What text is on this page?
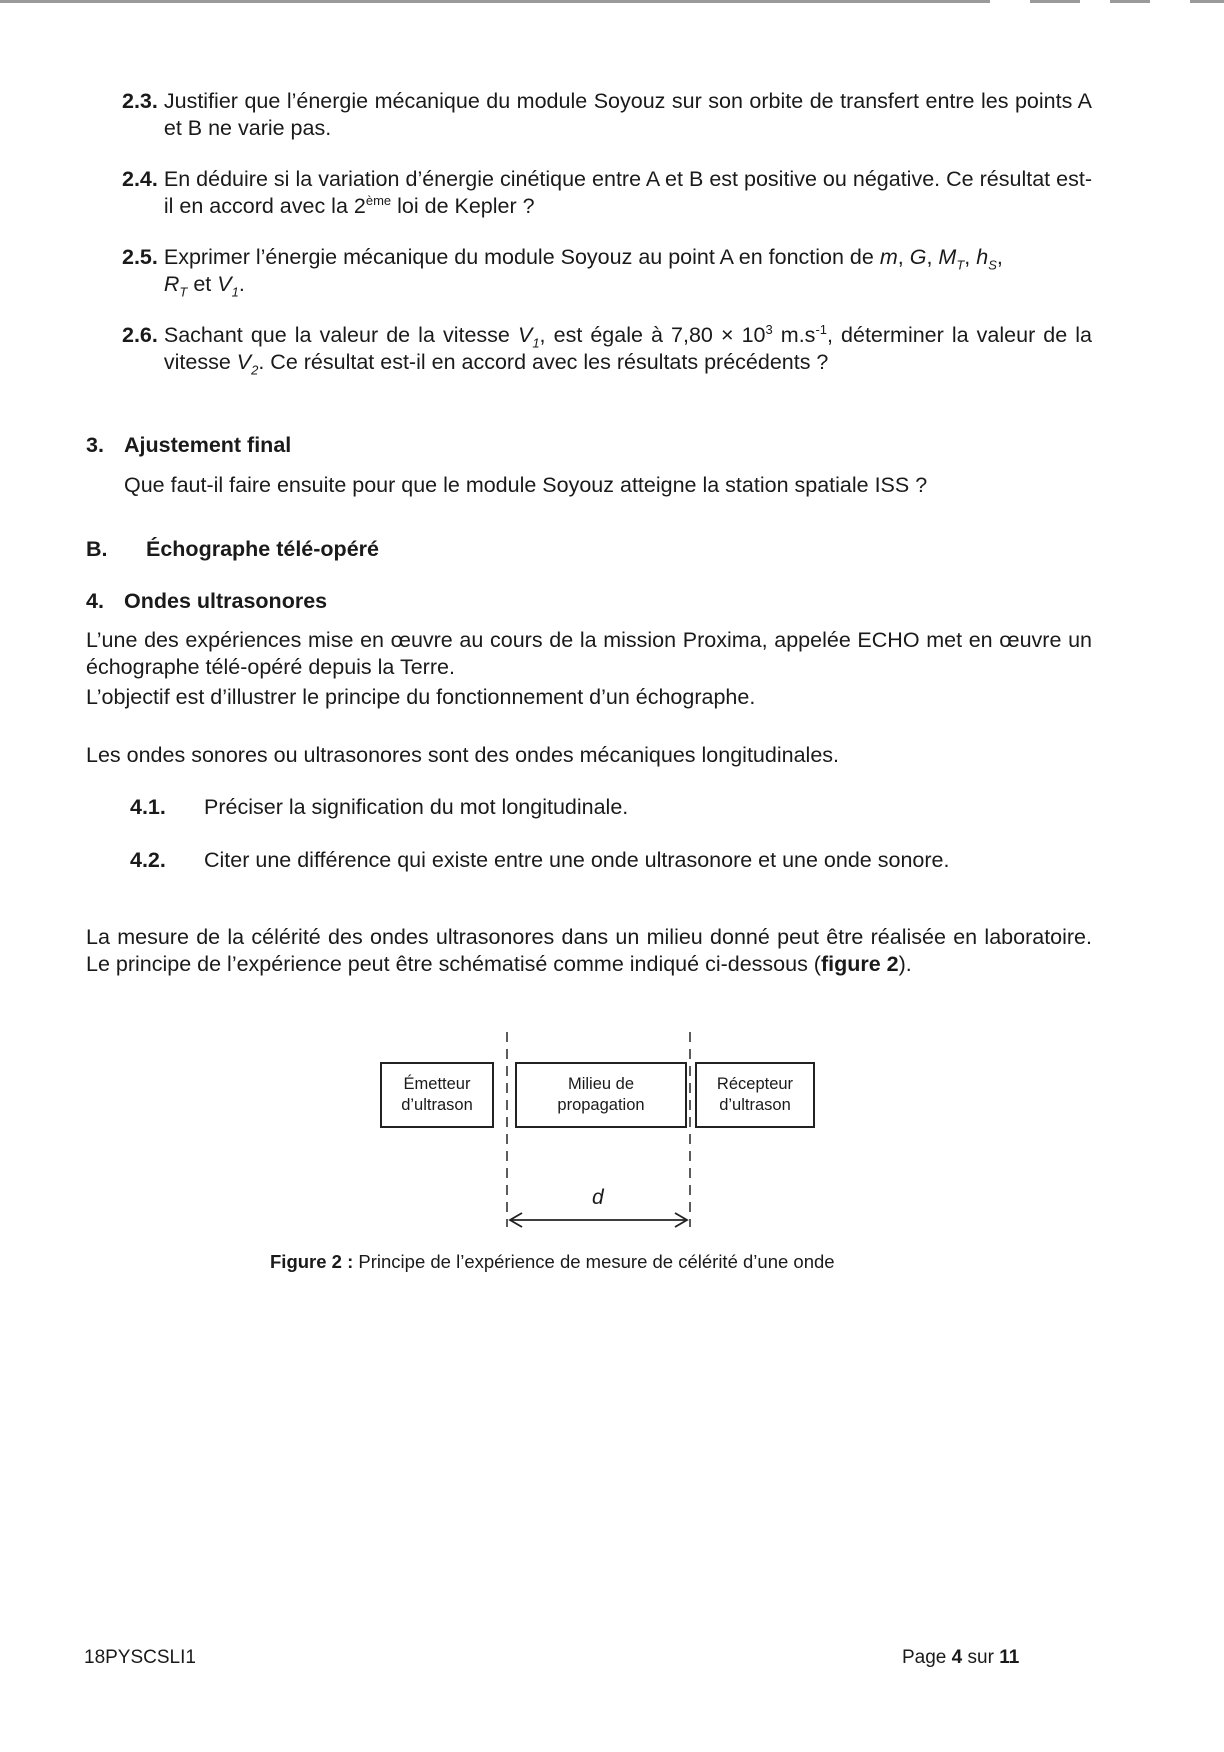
2.3. Justifier que l’énergie mécanique du module Soyouz sur son orbite de transfert entre les points A et B ne varie pas.
2.4. En déduire si la variation d’énergie cinétique entre A et B est positive ou négative. Ce résultat est-il en accord avec la 2ème loi de Kepler ?
2.5. Exprimer l’énergie mécanique du module Soyouz au point A en fonction de m, G, $M_T$, $h_S$,
$R_T$ et $V_1$.
2.6. Sachant que la valeur de la vitesse $V_1$, est égale à $7,80 \times 10^3$ $m.s^{-1}$, déterminer la valeur de la vitesse $V_2$. Ce résultat est-il en accord avec les résultats précédents ?
3. Ajustement final
Que faut-il faire ensuite pour que le module Soyouz atteigne la station spatiale ISS ?
B. Échographe télé-opéré
4. Ondes ultrasonores
L’une des expériences mise en œuvre au cours de la mission Proxima, appelée ECHO met en œuvre un échographe télé-opéré depuis la Terre.
L’objectif est d’illustrer le principe du fonctionnement d’un échographe.
Les ondes sonores ou ultrasonores sont des ondes mécaniques longitudinales.
4.1. Préciser la signification du mot longitudinale.
4.2. Citer une différence qui existe entre une onde ultrasonore et une onde sonore.
La mesure de la célérité des ondes ultrasonores dans un milieu donné peut être réalisée en laboratoire. Le principe de l’expérience peut être schématisé comme indiqué ci-dessous (figure 2).
Émetteur
d’ultrason
Milieu de
propagation
Récepteur
d’ultrason
d
Figure 2 : Principe de l’expérience de mesure de célérité d’une onde
18PYSCSLI1	Page 4 sur 11
